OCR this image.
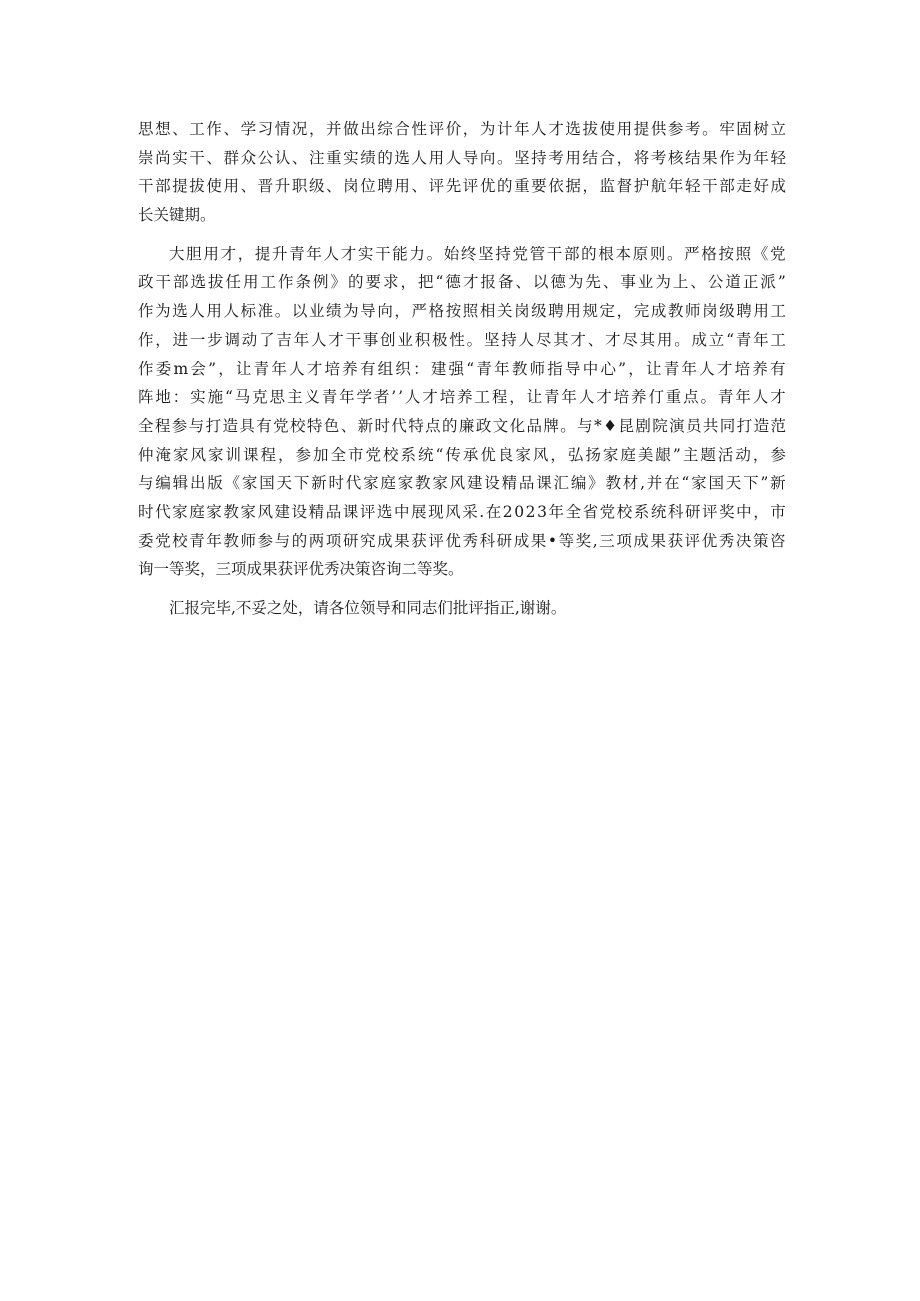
思 想 、 工 作 、 学 习 情 况 ， 并 做 出 综 合 性 评 价 ， 为 计 年 人 才 选 拔 使 用 提 供 参 考 。 牢 固 树 立
崇 尚 实 干 、 群 众 公 认 、 注 重 实 绩 的 选 人 用 人 导 向 。 坚 持 考 用 结 合 ， 将 考 核 结 果 作 为 年 轻
干 部 提 拔 使 用 、 晋 升 职 级 、 岗 位 聘 用 、 评 先 评 优 的 重 要 依 据 ， 监 督 护 航 年 轻 干 部 走 好 成
长关键期。
大 胆 用 才 ， 提 升 青 年 人 才 实 干 能 力 。 始 终 坚 持 党 管 干 部 的 根 本 原 则 。 严 格 按 照 《 党
政 干 部 选 拔 任 用 工 作 条 例 》 的 要 求 ， 把 “ 德 才 报 备 、 以 德 为 先 、 事 业 为 上 、 公 道 正 派 ”
作 为 选 人 用 人 标 准 。 以 业 绩 为 导 向 ， 严 格 按 照 相 关 岗 级 聘 用 规 定 ， 完 成 教 师 岗 级 聘 用 工
作 ， 进 一 步 调 动 了 吉 年 人 才 干 事 创 业 积 极 性 。 坚 持 人 尽 其 才 、 才 尽 其 用 。 成 立 “ 青 年 工
作 委 m 会 ” ， 让 青 年 人 才 培 养 有 组 织 ： 建 强 “ 青 年 教 师 指 导 中 心 ” ， 让 青 年 人 才 培 养 有
阵 地 ： 实 施 “ 马 克 思 主 义 青 年 学 者 ’ ’ 人 才 培 养 工 程 ， 让 青 年 人 才 培 养 仃 重 点 。 青 年 人 才
全 程 参 与 打 造 具 有 党 校 特 色 、 新 时 代 特 点 的 廉 政 文 化 品 牌 。 与 * ♦ 昆 剧 院 演 员 共 同 打 造 范
仲 淹 家 风 家 训 课 程 ， 参 加 全 市 党 校 系 统 “ 传 承 优 良 家 风 ， 弘 扬 家 庭 美 龈 ” 主 题 活 动 ， 参
与 编 辑 出 版 《 家 国 天 下 新 时 代 家 庭 家 教 家 风 建 设 精 品 课 汇 编 》 教 材 , 并 在 “ 家 国 天 下 ” 新
时 代 家 庭 家 教 家 风 建 设 精 品 课 评 选 中 展 现 风 采 . 在 2 0 2 3 年 全 省 党 校 系 统 科 研 评 奖 中 ， 市
委 党 校 青 年 教 师 参 与 的 两 项 研 究 成 果 获 评 优 秀 科 研 成 果 • 等 奖 , 三 项 成 果 获 评 优 秀 决 策 咨
询一等奖，三项成果获评优秀决策咨询二等奖。
汇报完毕,不妥之处，请各位领导和同志们批评指正,谢谢。
